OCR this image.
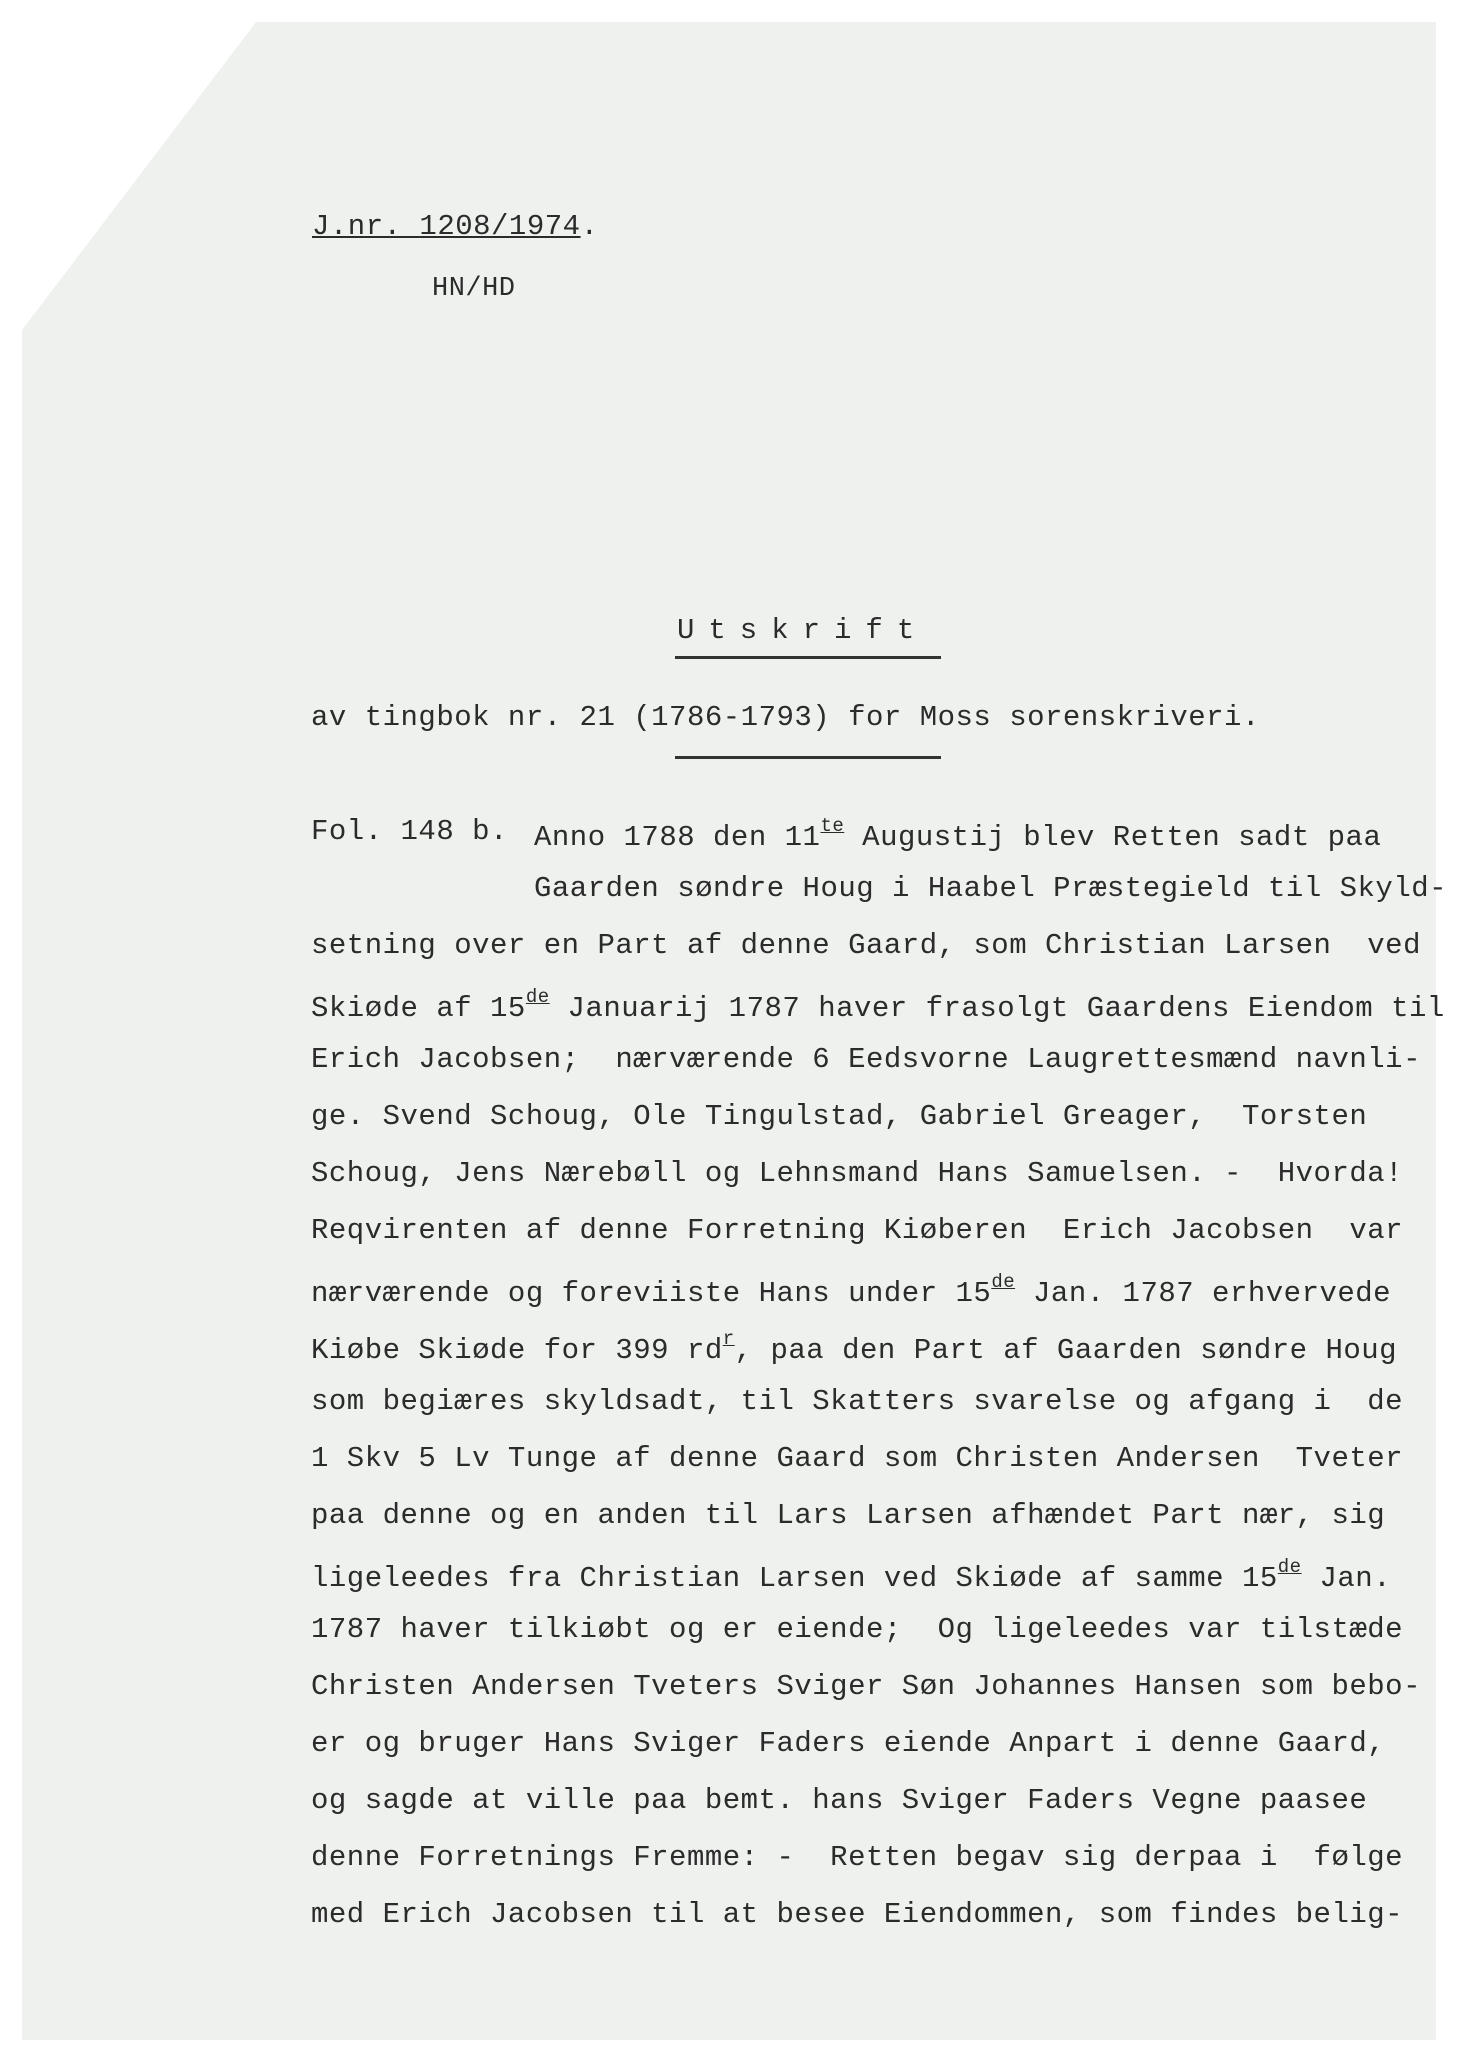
J.nr. 1208/1974.
HN/HD
Utskrift
av tingbok nr. 21 (1786-1793) for Moss sorenskriveri.
Fol. 148 b. Anno 1788 den $11^{te}$ Augustij blev Retten sadt paa
Gaarden søndre Houg i Haabel Præstegield til Skyld-
setning over en Part af denne Gaard, som Christian Larsen  ved
Skiøde af 15de Januarij 1787 haver frasolgt Gaardens Eiendom til
Erich Jacobsen;  nærværende 6 Eedsvorne Laugrettesmænd navnli-
ge. Svend Schoug, Ole Tingulstad, Gabriel Greager,  Torsten
Schoug, Jens Nærebøll og Lehnsmand Hans Samuelsen. -  Hvorda!
Reqvirenten af denne Forretning Kiøberen  Erich Jacobsen  var
nærværende og foreviiste Hans under 15de Jan. 1787 erhvervede
Kiøbe Skiøde for 399 $rd^r$, paa den Part af Gaarden søndre Houg
som begiæres skyldsadt, til Skatters svarelse og afgang i  de
1 Skv 5 Lv Tunge af denne Gaard som Christen Andersen  Tveter
paa denne og en anden til Lars Larsen afhændet Part nær, sig
ligeleedes fra Christian Larsen ved Skiøde af samme 15de Jan.
1787 haver tilkiøbt og er eiende;  Og ligeleedes var tilstæde
Christen Andersen Tveters Sviger Søn Johannes Hansen som bebo-
er og bruger Hans Sviger Faders eiende Anpart i denne Gaard,
og sagde at ville paa bemt. hans Sviger Faders Vegne paasee
denne Forretnings Fremme: -  Retten begav sig derpaa i  følge
med Erich Jacobsen til at besee Eiendommen, som findes belig-
